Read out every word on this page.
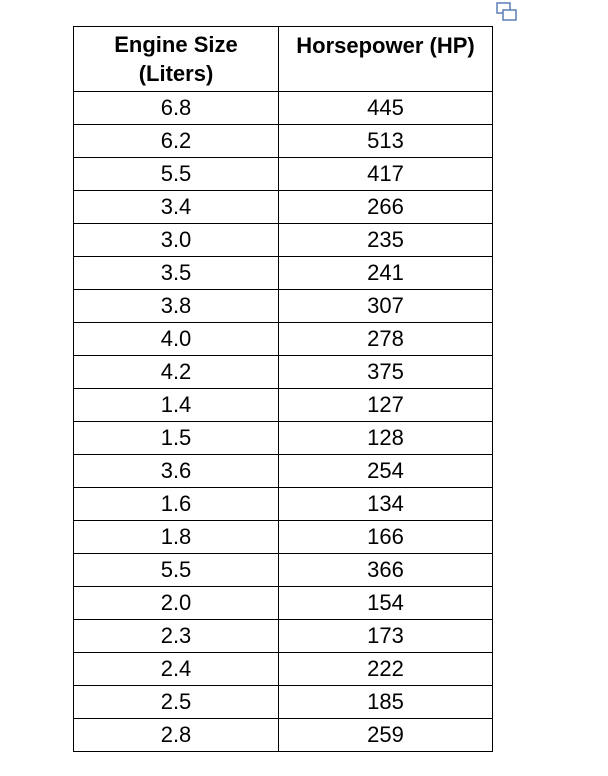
Engine Size
(Liters)	Horsepower (HP)
6.8	445
6.2	513
5.5	417
3.4	266
3.0	235
3.5	241
3.8	307
4.0	278
4.2	375
1.4	127
1.5	128
3.6	254
1.6	134
1.8	166
5.5	366
2.0	154
2.3	173
2.4	222
2.5	185
2.8	259
